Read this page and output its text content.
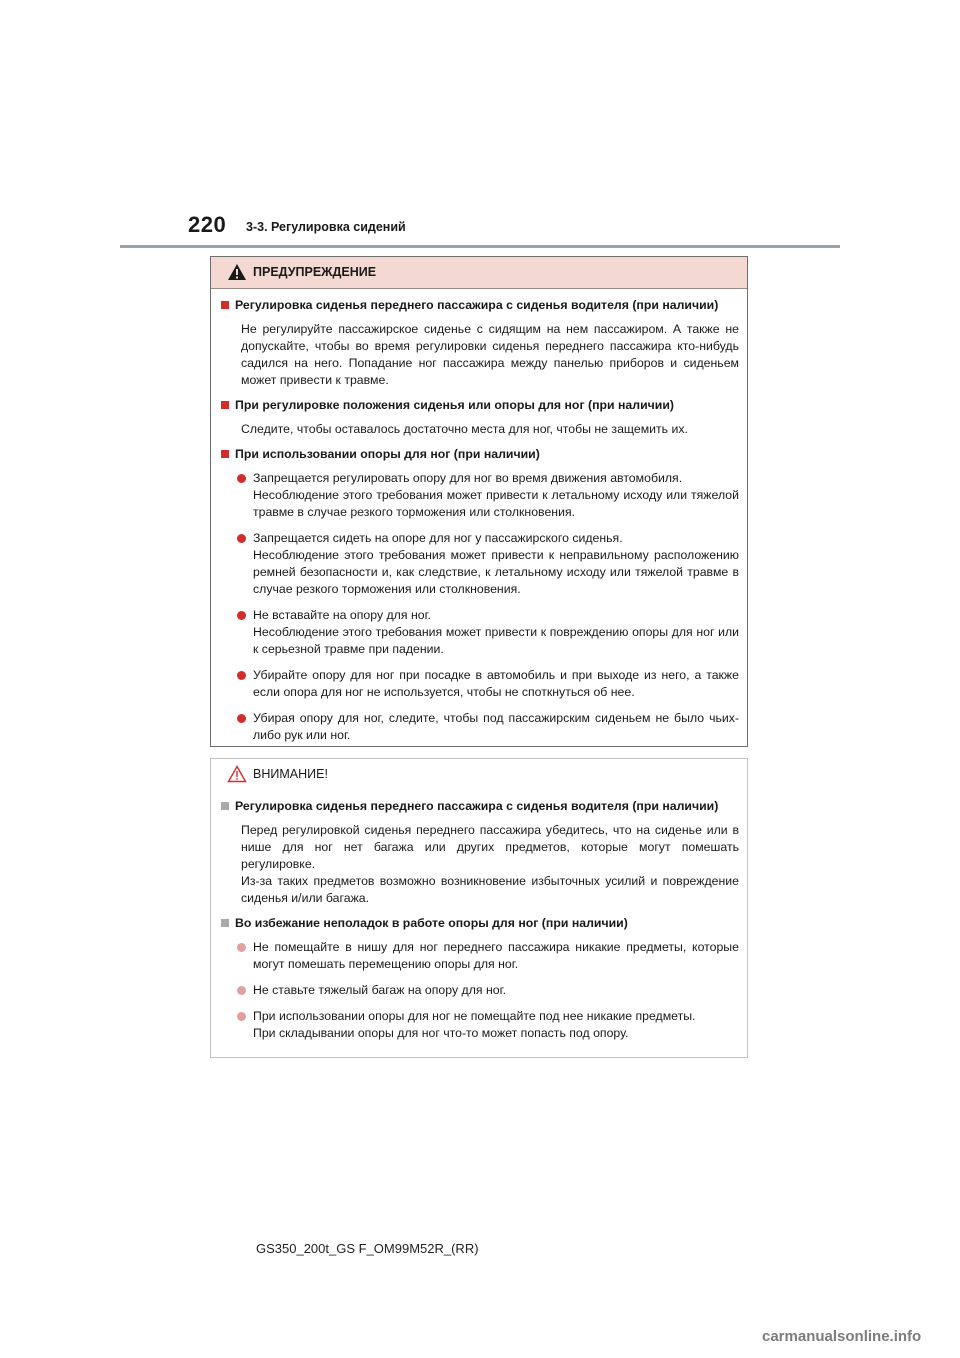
220 3-3. Регулировка сидений
ПРЕДУПРЕЖДЕНИЕ
Регулировка сиденья переднего пассажира с сиденья водителя (при наличии)
Не регулируйте пассажирское сиденье с сидящим на нем пассажиром. А также не допускайте, чтобы во время регулировки сиденья переднего пассажира кто-нибудь садился на него. Попадание ног пассажира между панелью приборов и сиденьем может привести к травме.
При регулировке положения сиденья или опоры для ног (при наличии)
Следите, чтобы оставалось достаточно места для ног, чтобы не защемить их.
При использовании опоры для ног (при наличии)
Запрещается регулировать опору для ног во время движения автомобиля.
Несоблюдение этого требования может привести к летальному исходу или тяжелой травме в случае резкого торможения или столкновения.
Запрещается сидеть на опоре для ног у пассажирского сиденья.
Несоблюдение этого требования может привести к неправильному расположению ремней безопасности и, как следствие, к летальному исходу или тяжелой травме в случае резкого торможения или столкновения.
Не вставайте на опору для ног.
Несоблюдение этого требования может привести к повреждению опоры для ног или к серьезной травме при падении.
Убирайте опору для ног при посадке в автомобиль и при выходе из него, а также если опора для ног не используется, чтобы не споткнуться об нее.
Убирая опору для ног, следите, чтобы под пассажирским сиденьем не было чьих-либо рук или ног.
ВНИМАНИЕ!
Регулировка сиденья переднего пассажира с сиденья водителя (при наличии)
Перед регулировкой сиденья переднего пассажира убедитесь, что на сиденье или в нише для ног нет багажа или других предметов, которые могут помешать регулировке.
Из-за таких предметов возможно возникновение избыточных усилий и повреждение сиденья и/или багажа.
Во избежание неполадок в работе опоры для ног (при наличии)
Не помещайте в нишу для ног переднего пассажира никакие предметы, которые могут помешать перемещению опоры для ног.
Не ставьте тяжелый багаж на опору для ног.
При использовании опоры для ног не помещайте под нее никакие предметы.
При складывании опоры для ног что-то может попасть под опору.
GS350_200t_GS F_OM99M52R_(RR)
carmanualsonline.info
